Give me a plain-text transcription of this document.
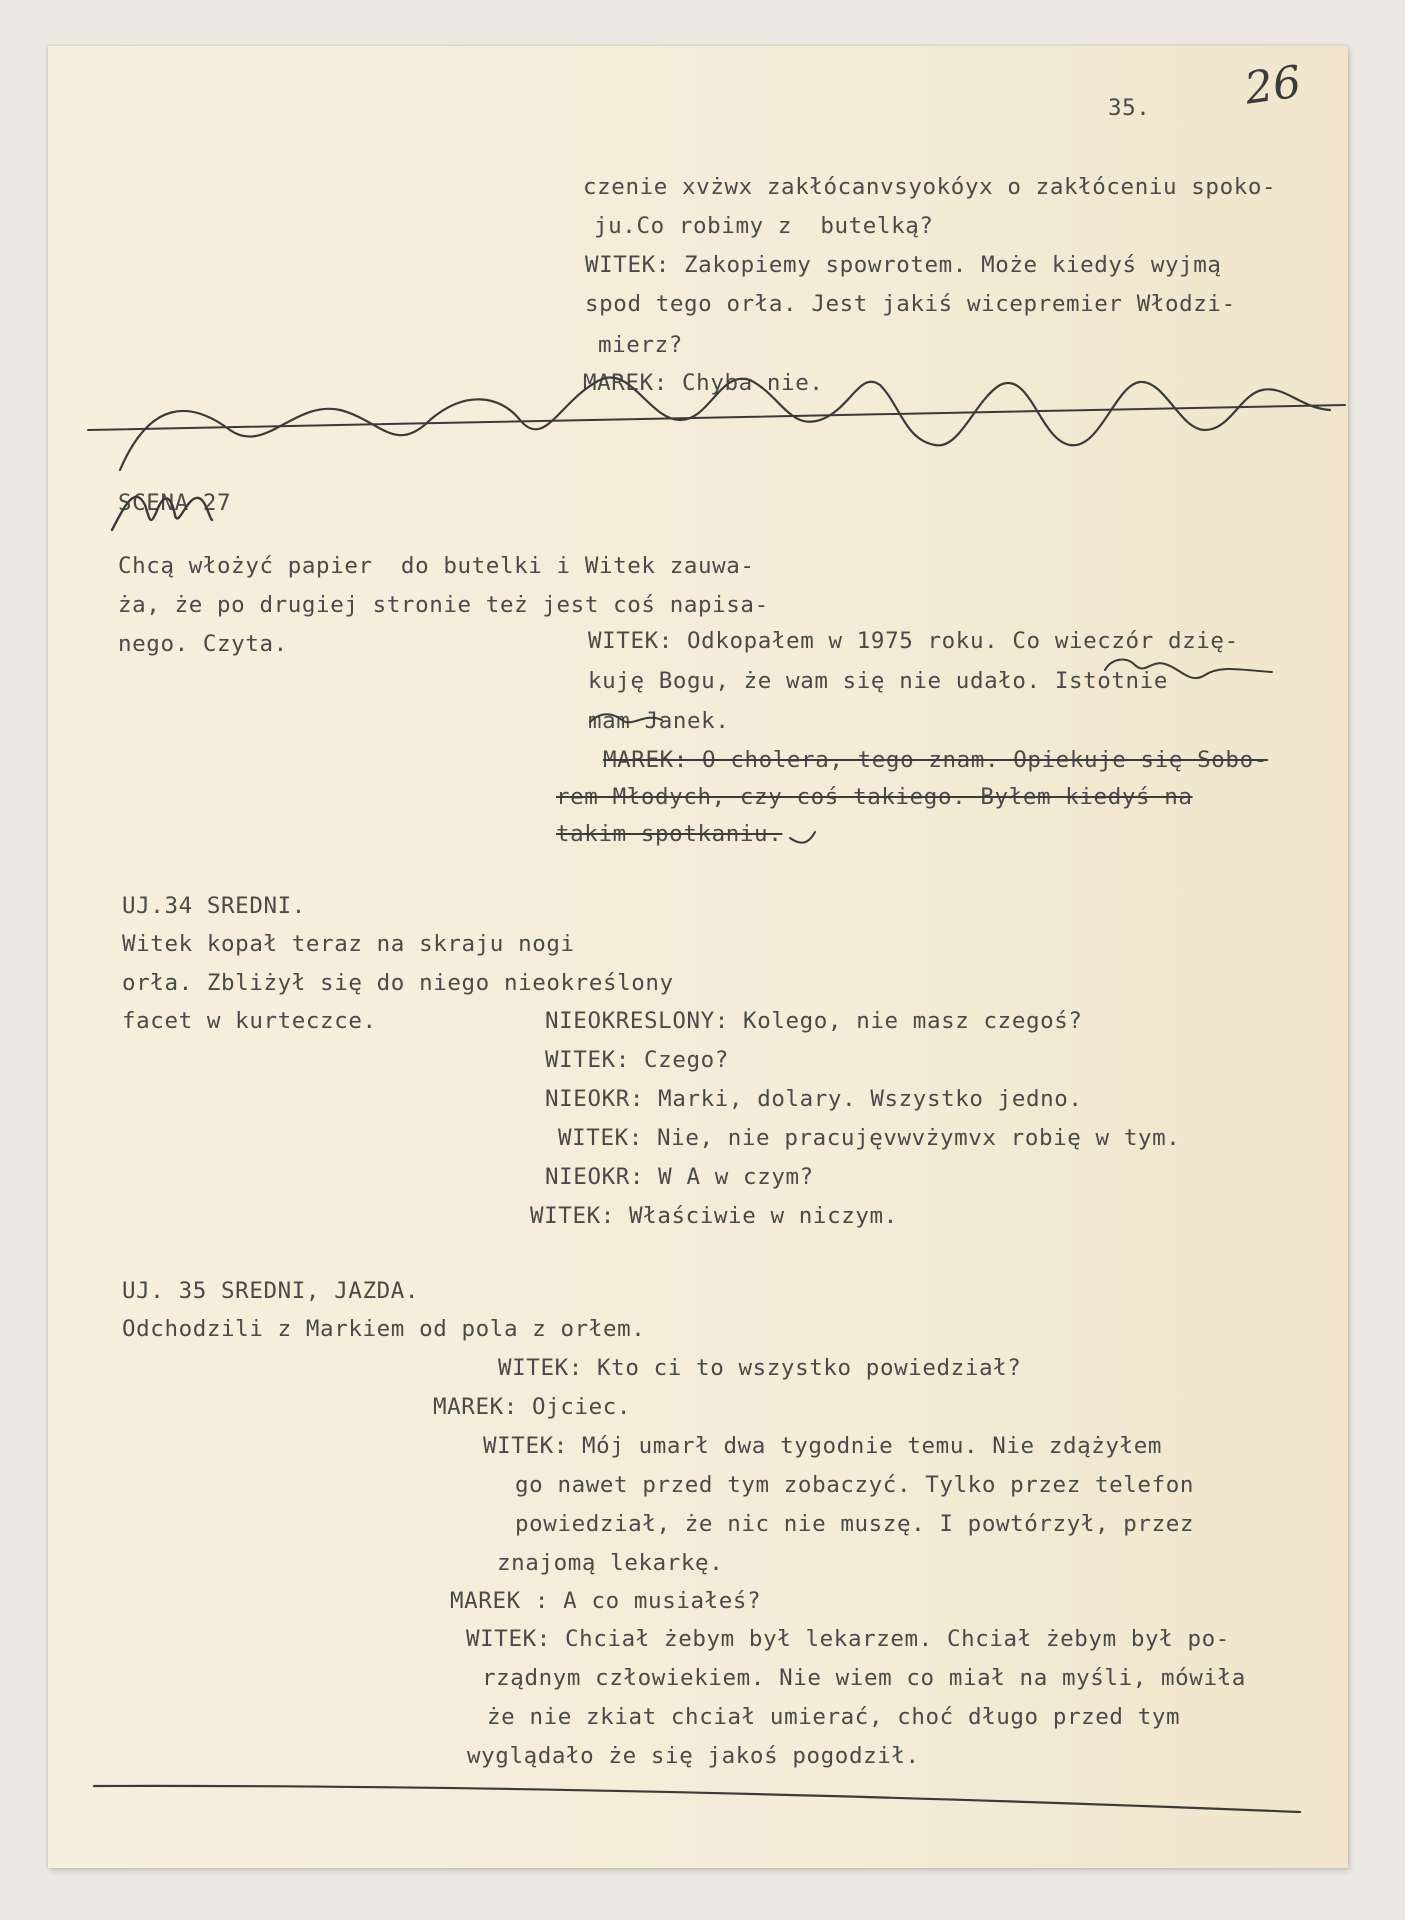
35. 26
czenie xvżwx zakłócanvsyokóyx o zakłóceniu spoko-
ju.Co robimy z  butelką?
WITEK: Zakopiemy spowrotem. Może kiedyś wyjmą
spod tego orła. Jest jakiś wicepremier Włodzi-
mierz?
MAREK: Chyba nie.
SCENA 27
Chcą włożyć papier  do butelki i Witek zauwa-
ża, że po drugiej stronie też jest coś napisa-
nego. Czyta.	WITEK: Odkopałem w 1975 roku. Co wieczór dzię-
kuję Bogu, że wam się nie udało. Istotnie
mam Janek.
MAREK: O cholera, tego znam. Opiekuje się Sobo-
rem Młodych, czy coś takiego. Byłem kiedyś na
takim spotkaniu.
UJ.34 SREDNI.
Witek kopał teraz na skraju nogi
orła. Zbliżył się do niego nieokreślony
facet w kurteczce.	NIEOKRESLONY: Kolego, nie masz czegoś?
WITEK: Czego?
NIEOKR: Marki, dolary. Wszystko jedno.
WITEK: Nie, nie pracujęvwvżymvx robię w tym.
NIEOKR: W A w czym?
WITEK: Właściwie w niczym.
UJ. 35 SREDNI, JAZDA.
Odchodzili z Markiem od pola z orłem.
WITEK: Kto ci to wszystko powiedział?
MAREK: Ojciec.
WITEK: Mój umarł dwa tygodnie temu. Nie zdążyłem
go nawet przed tym zobaczyć. Tylko przez telefon
powiedział, że nic nie muszę. I powtórzył, przez
znajomą lekarkę.
MAREK : A co musiałeś?
WITEK: Chciał żebym był lekarzem. Chciał żebym był po-
rządnym człowiekiem. Nie wiem co miał na myśli, mówiła
że nie zkiat chciał umierać, choć długo przed tym
wyglądało że się jakoś pogodził.
